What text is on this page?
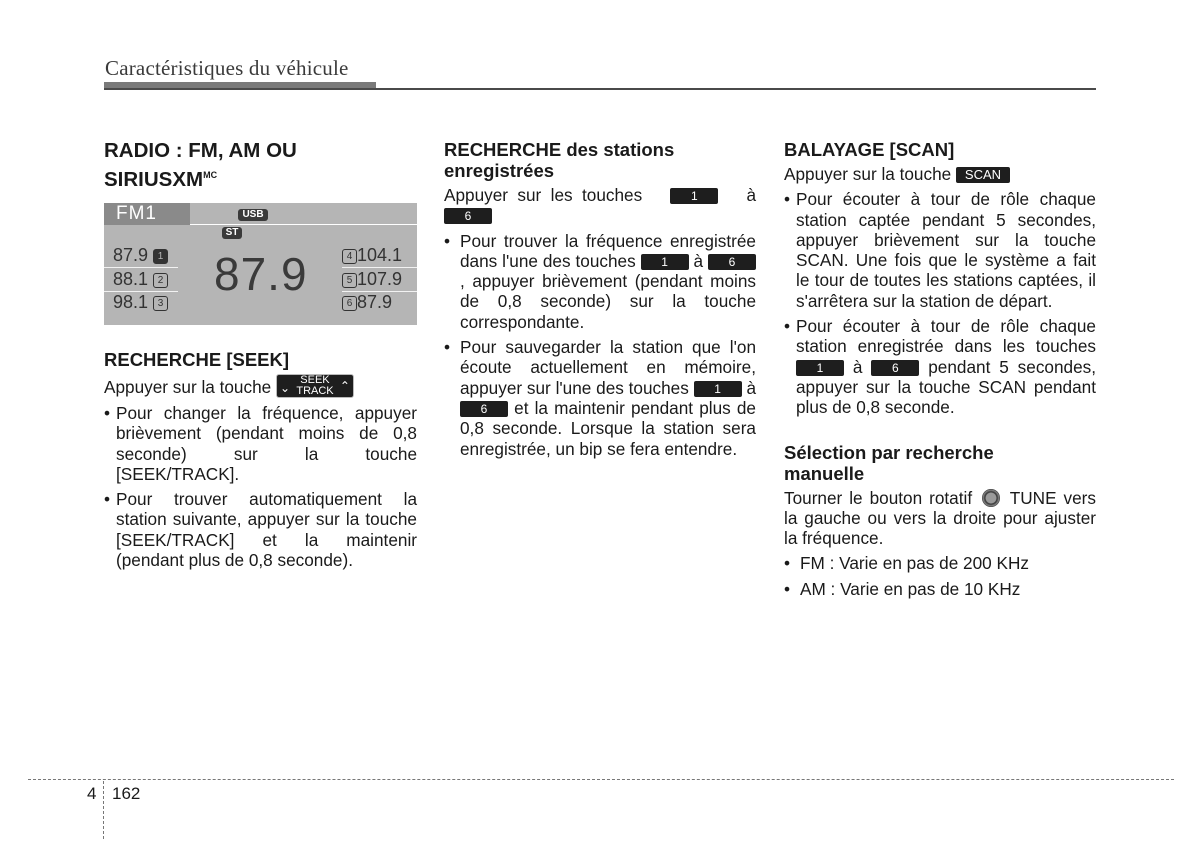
Caractéristiques du véhicule
RADIO : FM, AM OU
$SIRIUSXM^{MC}$
FM1	USB
ST
87.9
87.9 1
88.1 2
98.1 3
4 104.1
5 107.9
6 87.9
RECHERCHE [SEEK]

Appuyer sur la touche ⌄
SEEK
TRACK ⌃

• Pour changer la fréquence, appuyer brièvement (pendant moins de 0,8 seconde) sur la touche [SEEK/TRACK].
• Pour trouver automatiquement la station suivante, appuyer sur la touche [SEEK/TRACK] et la maintenir (pendant plus de 0,8 seconde).
RECHERCHE des stations
enregistrées

Appuyer sur les touches	1	à 6

• Pour trouver la fréquence enregistrée dans l'une des touches 1 à 6, appuyer brièvement (pendant moins de 0,8 seconde) sur la touche correspondante.
• Pour sauvegarder la station que l'on écoute actuellement en mémoire, appuyer sur l'une des touches 1 à 6 et la maintenir pendant plus de 0,8 seconde. Lorsque la station sera enregistrée, un bip se fera entendre.
BALAYAGE [SCAN]

Appuyer sur la touche SCAN

• Pour écouter à tour de rôle chaque station captée pendant 5 secondes, appuyer brièvement sur la touche SCAN. Une fois que le système a fait le tour de toutes les stations captées, il s'arrêtera sur la station de départ.
• Pour écouter à tour de rôle chaque station enregistrée dans les touches 1 à 6 pendant 5 secondes, appuyer sur la touche SCAN pendant plus de 0,8 seconde.
Sélection par recherche
manuelle

Tourner le bouton rotatif TUNE vers la gauche ou vers la droite pour ajuster la fréquence.

• FM : Varie en pas de 200 KHz
• AM : Varie en pas de 10 KHz
4 162
